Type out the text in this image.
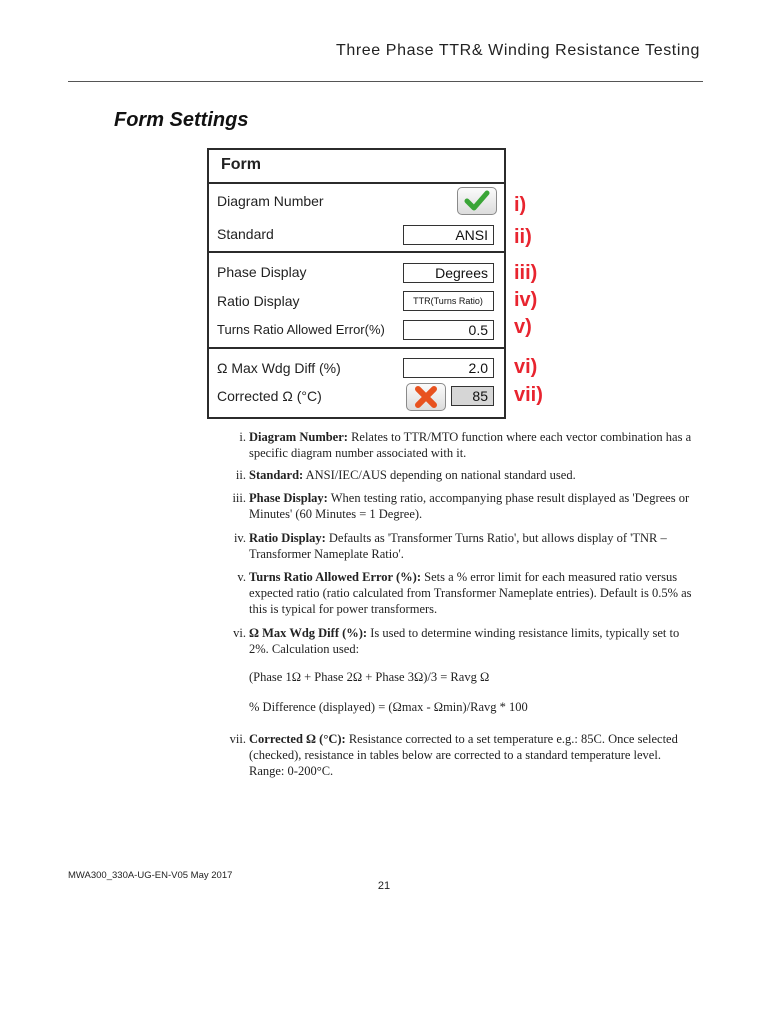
Three Phase TTR& Winding Resistance Testing
Form Settings
Form
Diagram Number
Standard	ANSI
Phase Display	Degrees
Ratio Display	TTR(Turns Ratio)
Turns Ratio Allowed Error(%)	0.5
Ω Max Wdg Diff (%)	2.0
Corrected Ω (°C)	85
i)
ii)
iii)
iv)
v)
vi)
vii)
i. Diagram Number: Relates to TTR/MTO function where each vector combination has a specific diagram number associated with it.
ii. Standard: ANSI/IEC/AUS depending on national standard used.
iii. Phase Display: When testing ratio, accompanying phase result displayed as 'Degrees or Minutes' (60 Minutes = 1 Degree).
iv. Ratio Display: Defaults as 'Transformer Turns Ratio', but allows display of 'TNR – Transformer Nameplate Ratio'.
v. Turns Ratio Allowed Error (%): Sets a % error limit for each measured ratio versus expected ratio (ratio calculated from Transformer Nameplate entries). Default is 0.5% as this is typical for power transformers.
vi. Ω Max Wdg Diff (%): Is used to determine winding resistance limits, typically set to 2%. Calculation used:
(Phase 1Ω + Phase 2Ω + Phase 3Ω)/3 = Ravg Ω
% Difference (displayed) = (Ωmax - Ωmin)/Ravg * 100
vii. Corrected Ω (°C): Resistance corrected to a set temperature e.g.: 85C. Once selected (checked), resistance in tables below are corrected to a standard temperature level. Range: 0-200°C.
MWA300_330A-UG-EN-V05 May 2017
21
